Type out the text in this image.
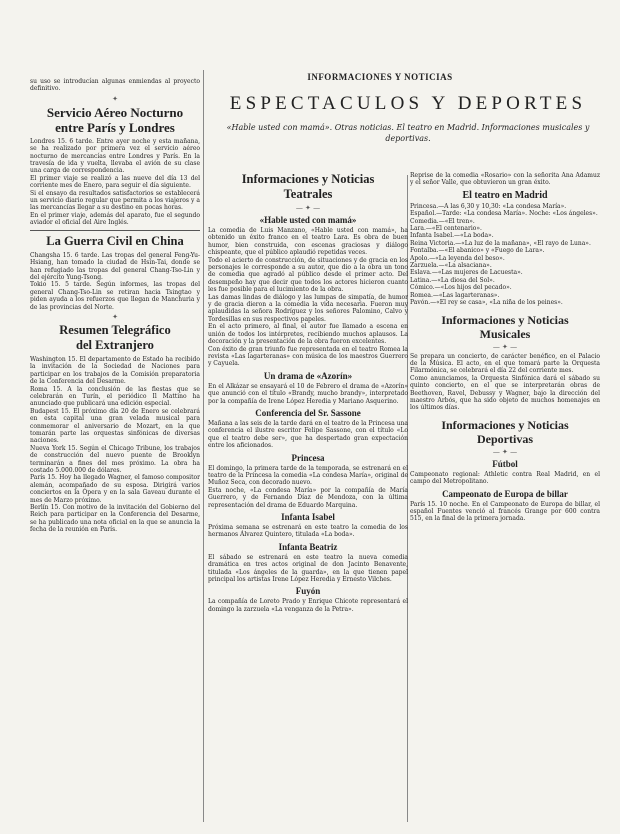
INFORMACIONES Y NOTICIAS
ESPECTACULOS Y DEPORTES
«Hable usted con mamá». Otras noticias. El teatro en Madrid. Informaciones musicales y deportivas.

su uso se introducían algunas enmiendas al proyecto definitivo.

✦
Servicio Aéreo Nocturno
entre París y Londres

Londres 15. 6 tarde. Entre ayer noche y esta mañana, se ha realizado por primera vez el servicio aéreo nocturno de mercancías entre Londres y París. En la travesía de ida y vuelta, llevaba el avión de su clase una carga de correspondencia.

El primer viaje se realizó a las nueve del día 13 del corriente mes de Enero, para seguir el día siguiente.

Si el ensayo da resultados satisfactorios se establecerá un servicio diario regular que permita a los viajeros y a las mercancías llegar a su destino en pocas horas.

En el primer viaje, además del aparato, fue el segundo aviador el oficial del Aire Inglés.

La Guerra Civil en China

Changsha 15. 6 tarde. Las tropas del general Feng-Yu-Hsiang, han tomado la ciudad de Hsin-Tai, donde se han refugiado las tropas del general Chang-Tso-Lin y del ejército Yung-Tsong.

Tokio 15. 5 tarde. Según informes, las tropas del general Chang-Tso-Lin se retiran hacia Tsingtao y piden ayuda a los refuerzos que llegan de Manchuria y de las provincias del Norte.

✦
Resumen Telegráfico
del Extranjero

Washington 15. El departamento de Estado ha recibido la invitación de la Sociedad de Naciones para participar en los trabajos de la Comisión preparatoria de la Conferencia del Desarme.

Roma 15. A la conclusión de las fiestas que se celebrarán en Turín, el periódico Il Mattino ha anunciado que publicará una edición especial.

Budapest 15. El próximo día 20 de Enero se celebrará en esta capital una gran velada musical para conmemorar el aniversario de Mozart, en la que tomarán parte las orquestas sinfónicas de diversas naciones.

Nueva York 15. Según el Chicago Tribune, los trabajos de construcción del nuevo puente de Brooklyn terminarán a fines del mes próximo. La obra ha costado 5.000.000 de dólares.

París 15. Hoy ha llegado Wagner, el famoso compositor alemán, acompañado de su esposa. Dirigirá varios conciertos en la Ópera y en la sala Gaveau durante el mes de Marzo próximo.

Berlín 15. Con motivo de la invitación del Gobierno del Reich para participar en la Conferencia del Desarme, se ha publicado una nota oficial en la que se anuncia la fecha de la reunión en París.

Informaciones y Noticias
Teatrales
— ✦ —
«Hable usted con mamá»

La comedia de Luis Manzano, «Hable usted con mamá», ha obtenido un éxito franco en el teatro Lara. Es obra de buen humor, bien construida, con escenas graciosas y diálogo chispeante, que el público aplaudió repetidas veces.

Todo el acierto de construcción, de situaciones y de gracia en los personajes le corresponde a su autor, que dio a la obra un tono de comedia que agradó al público desde el primer acto. Del desempeño hay que decir que todos los actores hicieron cuanto les fue posible para el lucimiento de la obra.

Las damas lindas de diálogo y las lumpas de simpatía, de humor y de gracia dieron a la comedia la vida necesaria. Fueron muy aplaudidas la señora Rodríguez y los señores Palomino, Calvo y Tordesillas en sus respectivos papeles.

En el acto primero, al final, el autor fue llamado a escena en unión de todos los intérpretes, recibiendo muchos aplausos. La decoración y la presentación de la obra fueron excelentes.

Con éxito de gran triunfo fue representada en el teatro Romea la revista «Las lagarteranas» con música de los maestros Guerrero y Cayuela.

Un drama de «Azorín»

En el Alkázar se ensayará el 10 de Febrero el drama de «Azorín» que anunció con el título «Brandy, mucho brandy», interpretado por la compañía de Irene López Heredia y Mariano Asquerino.

Conferencia del Sr. Sassone

Mañana a las seis de la tarde dará en el teatro de la Princesa una conferencia el ilustre escritor Felipe Sassone, con el título «Lo que el teatro debe ser», que ha despertado gran expectación entre los aficionados.

Princesa

El domingo, la primera tarde de la temporada, se estrenará en el teatro de la Princesa la comedia «La condesa María», original de Muñoz Seca, con decorado nuevo.

Esta noche, «La condesa María» por la compañía de María Guerrero, y de Fernando Díaz de Mendoza, con la última representación del drama de Eduardo Marquina.

Infanta Isabel

Próxima semana se estrenará en este teatro la comedia de los hermanos Álvarez Quintero, titulada «La boda».

Infanta Beatriz

El sábado se estrenará en este teatro la nueva comedia dramática en tres actos original de don Jacinto Benavente, titulada «Los ángeles de la guarda», en la que tienen papel principal los artistas Irene López Heredia y Ernesto Vilches.

Fuyón

La compañía de Loreto Prado y Enrique Chicote representará el domingo la zarzuela «La venganza de la Petra».

Reprise de la comedia «Rosario» con la señorita Ana Adamuz y el señor Valle, que obtuvieron un gran éxito.

El teatro en Madrid

Princesa.—A las 6,30 y 10,30: «La condesa María».

Español.—Tarde: «La condesa María». Noche: «Los ángeles».

Comedia.—«El tren».

Lara.—«El centenario».

Infanta Isabel.—«La boda».

Reina Victoria.—«La luz de la mañana», «El rayo de Luna».

Fontalba.—«El abanico» y «Fuego de Lara».

Apolo.—«La leyenda del beso».

Zarzuela.—«La alsaciana».

Eslava.—«Las mujeres de Lacuesta».

Latina.—«La diosa del Sol».

Cómico.—«Los hijos del pecado».

Romea.—«Las lagarteranas».

Pavón.—«El rey se casa», «La niña de los peines».

Informaciones y Noticias
Musicales
— ✦ —

Se prepara un concierto, de carácter benéfico, en el Palacio de la Música. El acto, en el que tomará parte la Orquesta Filarmónica, se celebrará el día 22 del corriente mes.

Como anunciamos, la Orquesta Sinfónica dará el sábado su quinto concierto, en el que se interpretarán obras de Beethoven, Ravel, Debussy y Wagner, bajo la dirección del maestro Arbós, que ha sido objeto de muchos homenajes en los últimos días.

Informaciones y Noticias
Deportivas
— ✦ —
Fútbol

Campeonato regional: Athletic contra Real Madrid, en el campo del Metropolitano.

Campeonato de Europa de billar

París 15. 10 noche. En el Campeonato de Europa de billar, el español Fuentes venció al francés Grange por 600 contra 515, en la final de la primera jornada.
